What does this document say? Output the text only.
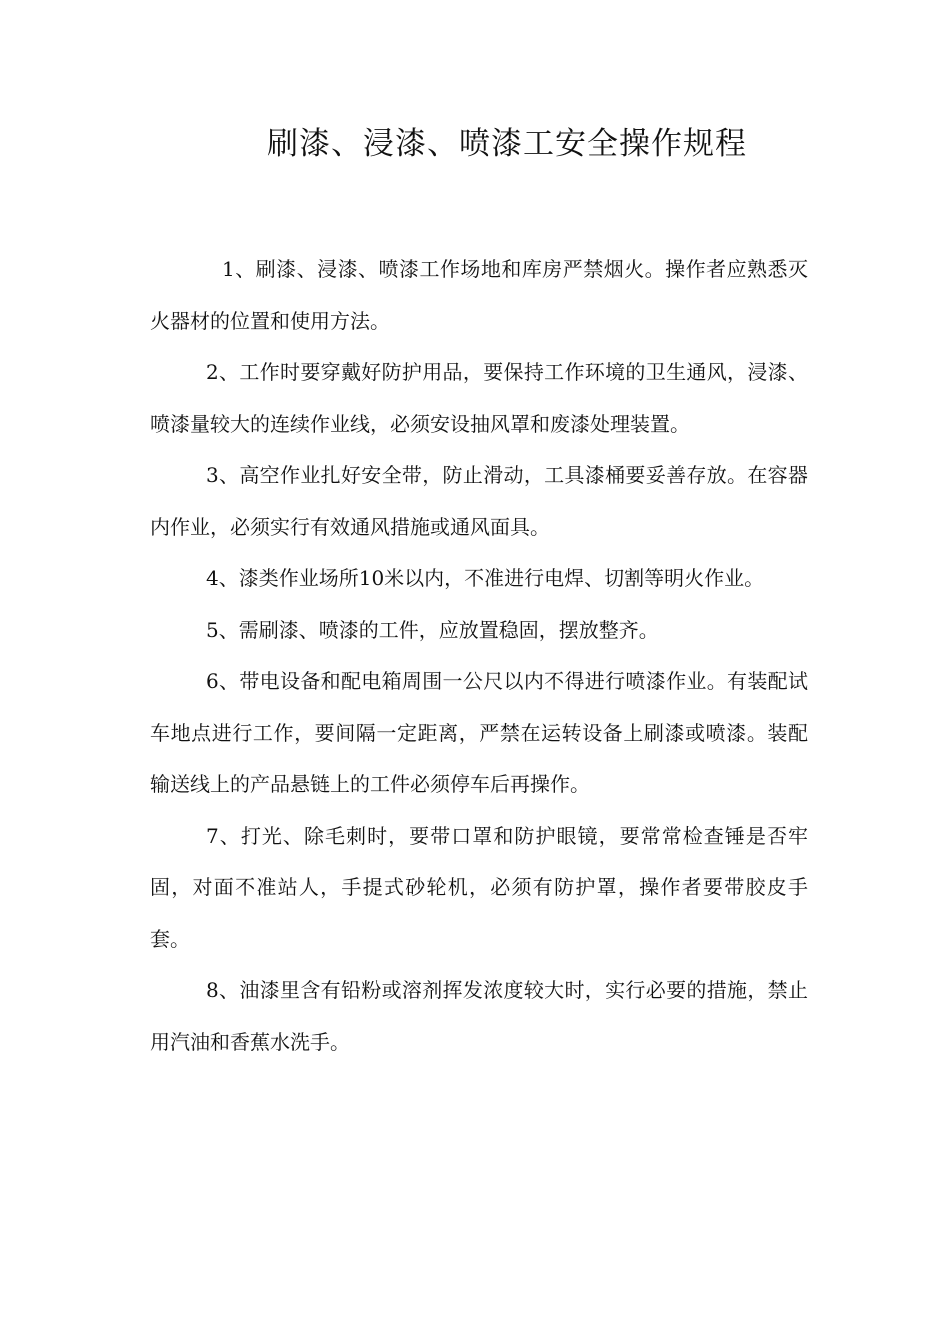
刷漆、浸漆、喷漆工安全操作规程

1、刷漆、浸漆、喷漆工作场地和库房严禁烟火。操作者应熟悉灭火器材的位置和使用方法。

2、工作时要穿戴好防护用品，要保持工作环境的卫生通风，浸漆、喷漆量较大的连续作业线，必须安设抽风罩和废漆处理装置。

3、高空作业扎好安全带，防止滑动，工具漆桶要妥善存放。在容器内作业，必须实行有效通风措施或通风面具。

4、漆类作业场所10米以内，不准进行电焊、切割等明火作业。

5、需刷漆、喷漆的工件，应放置稳固，摆放整齐。

6、带电设备和配电箱周围一公尺以内不得进行喷漆作业。有装配试车地点进行工作，要间隔一定距离，严禁在运转设备上刷漆或喷漆。装配输送线上的产品悬链上的工件必须停车后再操作。

7、打光、除毛刺时，要带口罩和防护眼镜，要常常检查锤是否牢固，对面不准站人，手提式砂轮机，必须有防护罩，操作者要带胶皮手套。

8、油漆里含有铅粉或溶剂挥发浓度较大时，实行必要的措施，禁止用汽油和香蕉水洗手。
